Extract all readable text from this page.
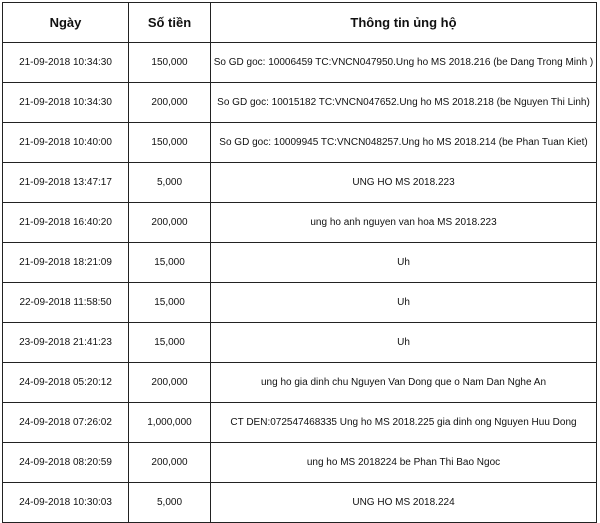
Ngày	Số tiền	Thông tin ủng hộ
21-09-2018 10:34:30	150,000	So GD goc: 10006459 TC:VNCN047950.Ung ho MS 2018.216 (be Dang Trong Minh )
21-09-2018 10:34:30	200,000	So GD goc: 10015182 TC:VNCN047652.Ung ho MS 2018.218 (be Nguyen Thi Linh)
21-09-2018 10:40:00	150,000	So GD goc: 10009945 TC:VNCN048257.Ung ho MS 2018.214 (be Phan Tuan Kiet)
21-09-2018 13:47:17	5,000	UNG HO MS 2018.223
21-09-2018 16:40:20	200,000	ung ho anh nguyen van hoa MS 2018.223
21-09-2018 18:21:09	15,000	Uh
22-09-2018 11:58:50	15,000	Uh
23-09-2018 21:41:23	15,000	Uh
24-09-2018 05:20:12	200,000	ung ho gia dinh chu Nguyen Van Dong que o Nam Dan Nghe An
24-09-2018 07:26:02	1,000,000	CT DEN:072547468335 Ung ho MS 2018.225 gia dinh ong Nguyen Huu Dong
24-09-2018 08:20:59	200,000	ung ho MS 2018224 be Phan Thi Bao Ngoc
24-09-2018 10:30:03	5,000	UNG HO MS 2018.224
